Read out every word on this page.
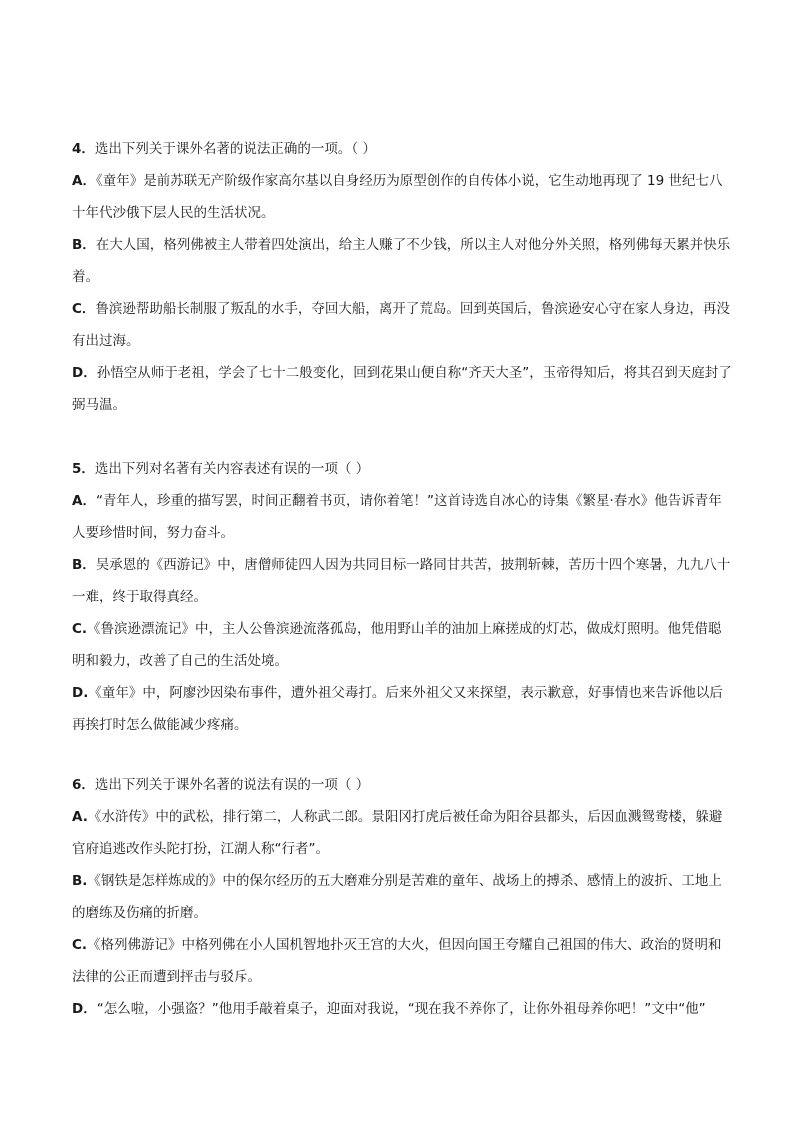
4．选出下列关于课外名著的说法正确的一项。（ ）

A．《童年》是前苏联无产阶级作家高尔基以自身经历为原型创作的自传体小说，它生动地再现了 19 世纪七八十年代沙俄下层人民的生活状况。

B．在大人国，格列佛被主人带着四处演出，给主人赚了不少钱，所以主人对他分外关照，格列佛每天累并快乐着。

C．鲁滨逊帮助船长制服了叛乱的水手，夺回大船，离开了荒岛。回到英国后，鲁滨逊安心守在家人身边，再没有出过海。

D．孙悟空从师于老祖，学会了七十二般变化，回到花果山便自称“齐天大圣”，玉帝得知后，将其召到天庭封了弼马温。

5．选出下列对名著有关内容表述有误的一项（ ）

A．“青年人，珍重的描写罢，时间正翻着书页，请你着笔！”这首诗选自冰心的诗集《繁星·春水》他告诉青年人要珍惜时间，努力奋斗。

B．吴承恩的《西游记》中，唐僧师徒四人因为共同目标一路同甘共苦，披荆斩棘，苦历十四个寒暑，九九八十一难，终于取得真经。

C.《鲁滨逊漂流记》中，主人公鲁滨逊流落孤岛，他用野山羊的油加上麻搓成的灯芯，做成灯照明。他凭借聪明和毅力，改善了自己的生活处境。

D.《童年》中，阿廖沙因染布事件，遭外祖父毒打。后来外祖父又来探望，表示歉意，好事情也来告诉他以后再挨打时怎么做能减少疼痛。

6．选出下列关于课外名著的说法有误的一项（ ）

A.《水浒传》中的武松，排行第二，人称武二郎。景阳冈打虎后被任命为阳谷县都头，后因血溅鸳鸯楼，躲避官府追逃改作头陀打扮，江湖人称“行者”。

B.《钢铁是怎样炼成的》中的保尔经历的五大磨难分别是苦难的童年、战场上的搏杀、感情上的波折、工地上的磨练及伤痛的折磨。

C.《格列佛游记》中格列佛在小人国机智地扑灭王宫的大火，但因向国王夸耀自己祖国的伟大、政治的贤明和法律的公正而遭到抨击与驳斥。

D．“怎么啦，小强盗？”他用手敲着桌子，迎面对我说，“现在我不养你了，让你外祖母养你吧！”文中“他”
